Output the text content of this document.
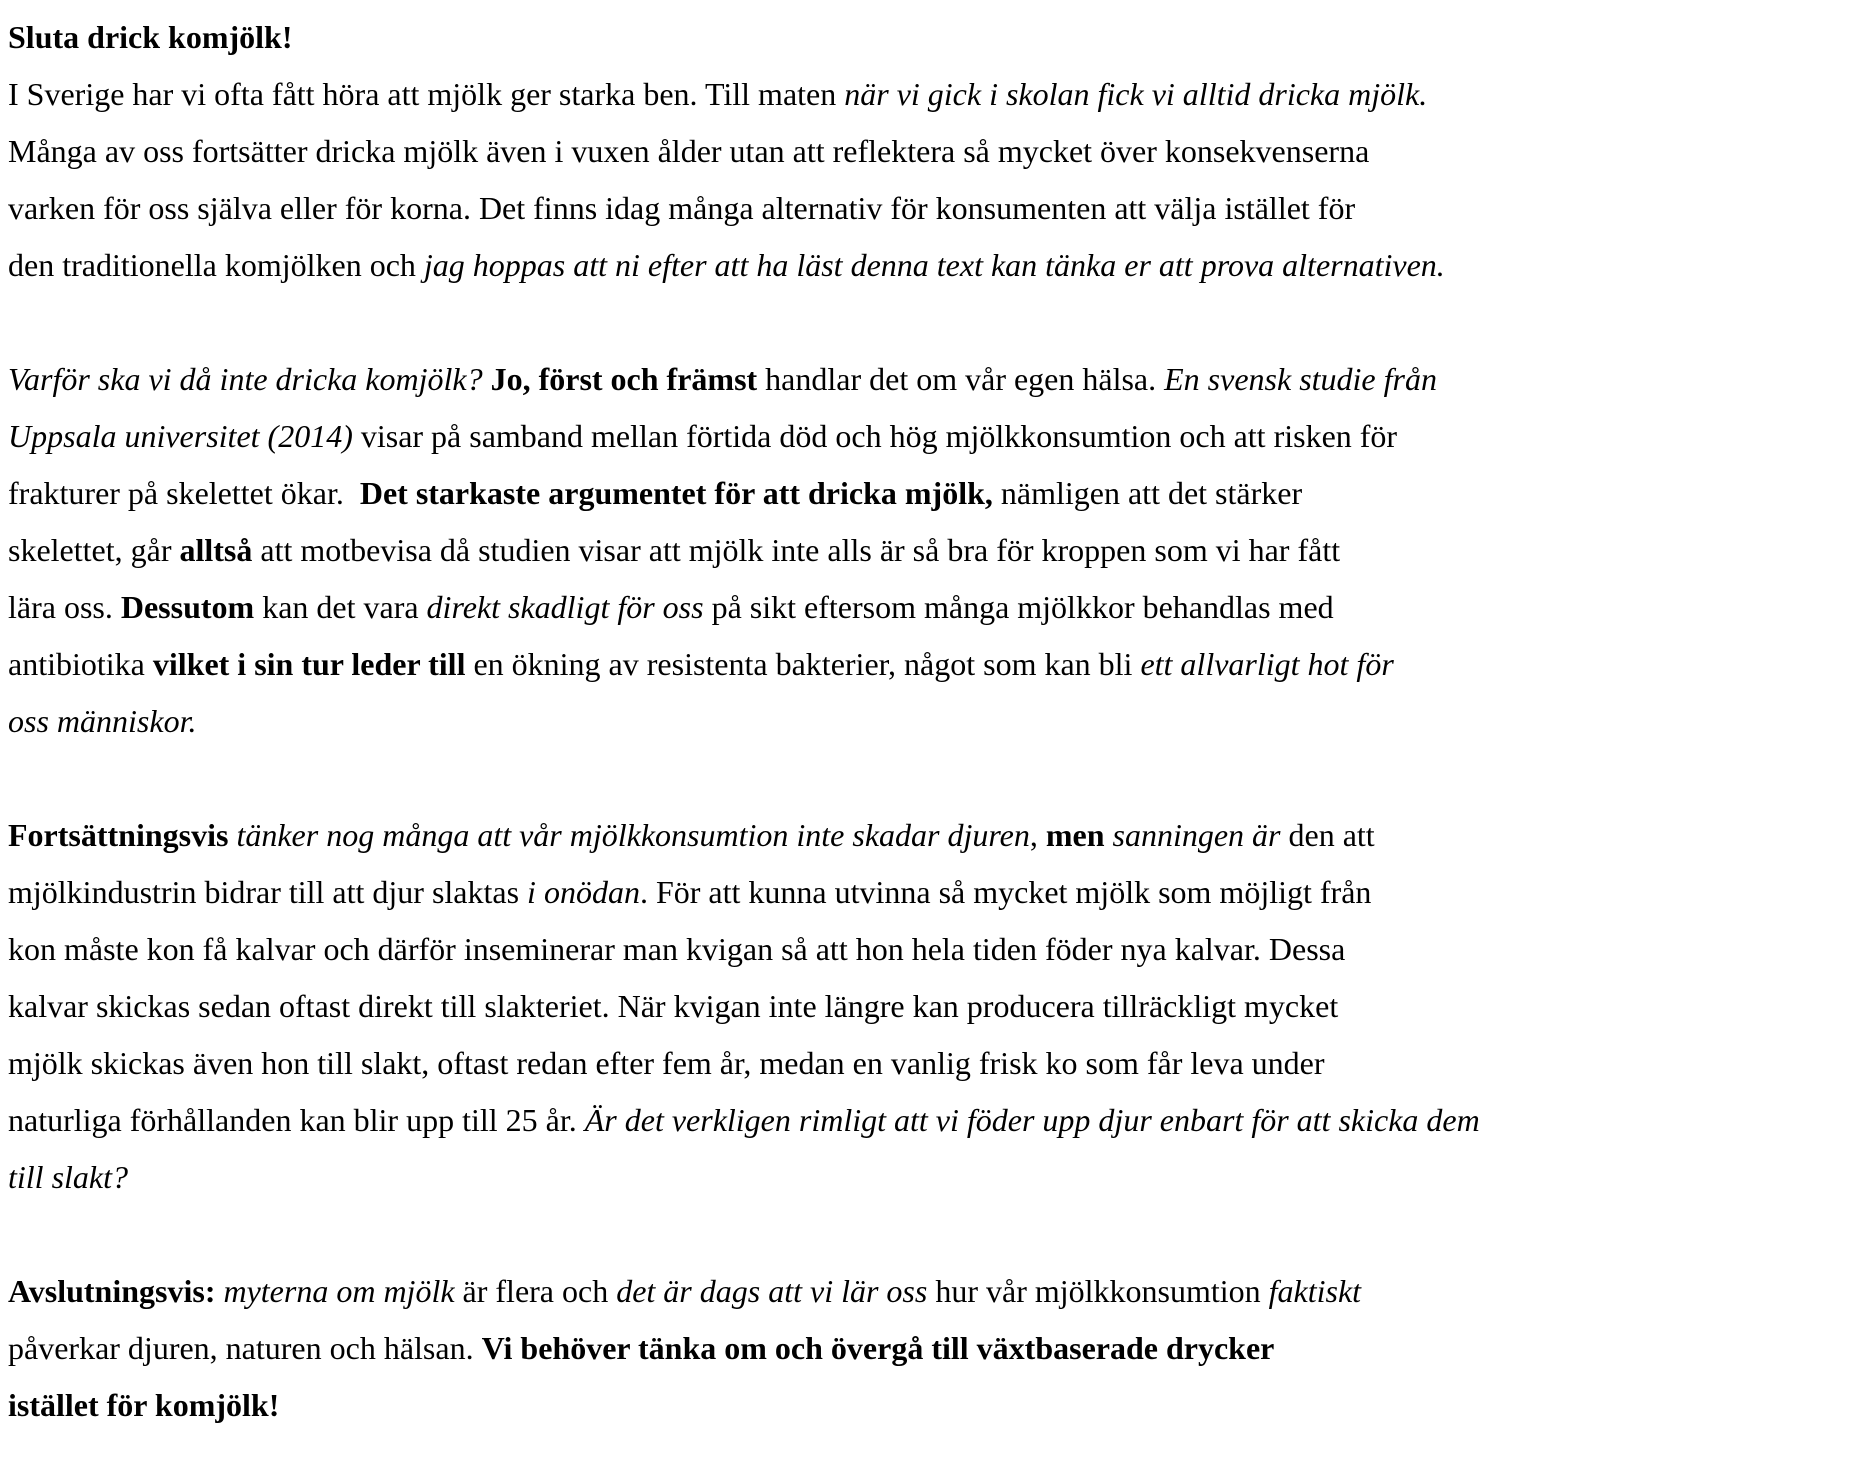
Sluta drick komjölk!
I Sverige har vi ofta fått höra att mjölk ger starka ben. Till maten när vi gick i skolan fick vi alltid dricka mjölk.
Många av oss fortsätter dricka mjölk även i vuxen ålder utan att reflektera så mycket över konsekvenserna
varken för oss själva eller för korna. Det finns idag många alternativ för konsumenten att välja istället för
den traditionella komjölken och jag hoppas att ni efter att ha läst denna text kan tänka er att prova alternativen.
Varför ska vi då inte dricka komjölk? Jo, först och främst handlar det om vår egen hälsa. En svensk studie från
Uppsala universitet (2014) visar på samband mellan förtida död och hög mjölkkonsumtion och att risken för
frakturer på skelettet ökar.  Det starkaste argumentet för att dricka mjölk, nämligen att det stärker
skelettet, går alltså att motbevisa då studien visar att mjölk inte alls är så bra för kroppen som vi har fått
lära oss. Dessutom kan det vara direkt skadligt för oss på sikt eftersom många mjölkkor behandlas med
antibiotika vilket i sin tur leder till en ökning av resistenta bakterier, något som kan bli ett allvarligt hot för
oss människor.
Fortsättningsvis tänker nog många att vår mjölkkonsumtion inte skadar djuren, men sanningen är den att
mjölkindustrin bidrar till att djur slaktas i onödan. För att kunna utvinna så mycket mjölk som möjligt från
kon måste kon få kalvar och därför inseminerar man kvigan så att hon hela tiden föder nya kalvar. Dessa
kalvar skickas sedan oftast direkt till slakteriet. När kvigan inte längre kan producera tillräckligt mycket
mjölk skickas även hon till slakt, oftast redan efter fem år, medan en vanlig frisk ko som får leva under
naturliga förhållanden kan blir upp till 25 år. Är det verkligen rimligt att vi föder upp djur enbart för att skicka dem
till slakt?
Avslutningsvis: myterna om mjölk är flera och det är dags att vi lär oss hur vår mjölkkonsumtion faktiskt
påverkar djuren, naturen och hälsan. Vi behöver tänka om och övergå till växtbaserade drycker
istället för komjölk!
